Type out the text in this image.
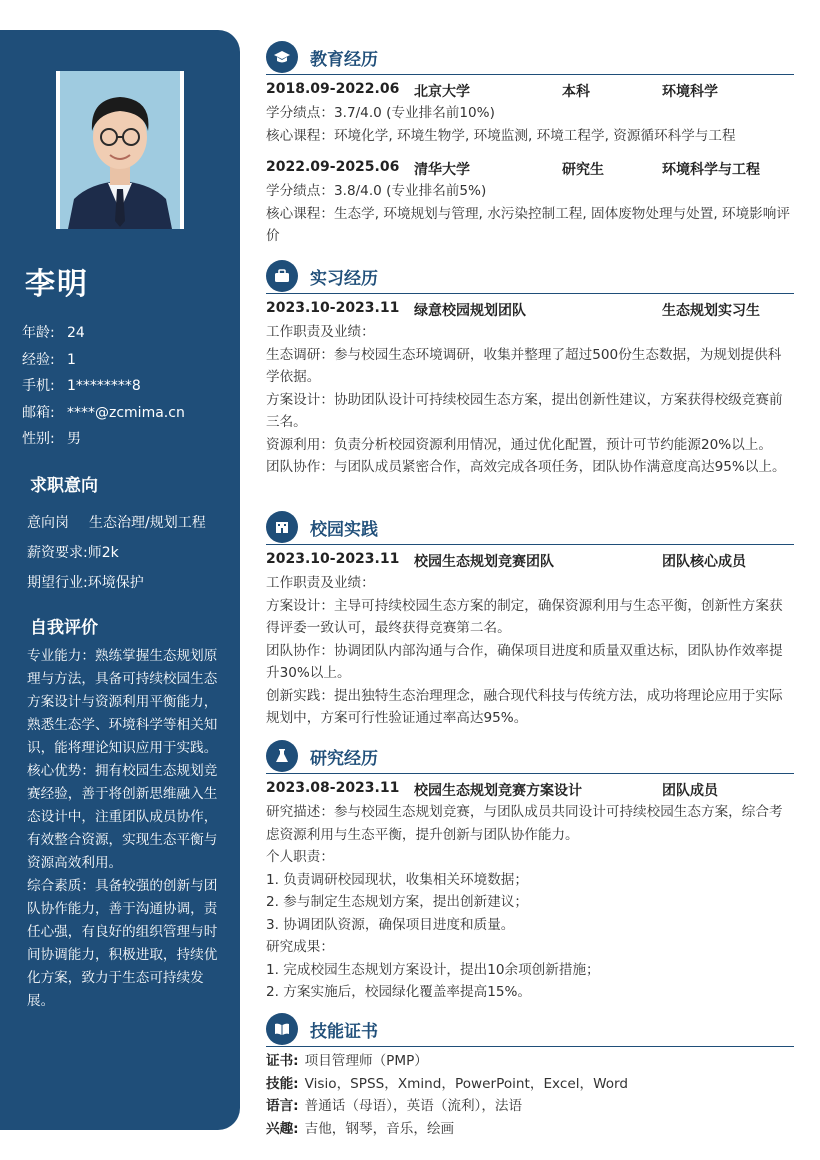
李明
年龄: 24
经验: 1
手机: 1********8
邮箱: ****@zcmima.cn
性别: 男
求职意向
意向岗 生态治理/规划工程
薪资要求:师2k
期望行业:环境保护
自我评价
专业能力：熟练掌握生态规划原理与方法，具备可持续校园生态方案设计与资源利用平衡能力，熟悉生态学、环境科学等相关知识，能将理论知识应用于实践。
核心优势：拥有校园生态规划竞赛经验，善于将创新思维融入生态设计中，注重团队成员协作，有效整合资源，实现生态平衡与资源高效利用。
综合素质：具备较强的创新与团队协作能力，善于沟通协调，责任心强，有良好的组织管理与时间协调能力，积极进取，持续优化方案，致力于生态可持续发展。
教育经历
2018.09-2022.06 北京大学	本科	环境科学
学分绩点：3.7/4.0 (专业排名前10%)
核心课程：环境化学, 环境生物学, 环境监测, 环境工程学, 资源循环科学与工程
2022.09-2025.06 清华大学	研究生	环境科学与工程
学分绩点：3.8/4.0 (专业排名前5%)
核心课程：生态学, 环境规划与管理, 水污染控制工程, 固体废物处理与处置, 环境影响评价
实习经历
2023.10-2023.11 绿意校园规划团队	生态规划实习生
工作职责及业绩：
生态调研：参与校园生态环境调研，收集并整理了超过500份生态数据，为规划提供科学依据。
方案设计：协助团队设计可持续校园生态方案，提出创新性建议，方案获得校级竞赛前三名。
资源利用：负责分析校园资源利用情况，通过优化配置，预计可节约能源20%以上。
团队协作：与团队成员紧密合作，高效完成各项任务，团队协作满意度高达95%以上。
校园实践
2023.10-2023.11 校园生态规划竞赛团队	团队核心成员
工作职责及业绩：
方案设计：主导可持续校园生态方案的制定，确保资源利用与生态平衡，创新性方案获得评委一致认可，最终获得竞赛第二名。
团队协作：协调团队内部沟通与合作，确保项目进度和质量双重达标，团队协作效率提升30%以上。
创新实践：提出独特生态治理理念，融合现代科技与传统方法，成功将理论应用于实际规划中，方案可行性验证通过率高达95%。
研究经历
2023.08-2023.11 校园生态规划竞赛方案设计	团队成员
研究描述：参与校园生态规划竞赛，与团队成员共同设计可持续校园生态方案，综合考虑资源利用与生态平衡，提升创新与团队协作能力。
个人职责：
1. 负责调研校园现状，收集相关环境数据；
2. 参与制定生态规划方案，提出创新建议；
3. 协调团队资源，确保项目进度和质量。
研究成果：
1. 完成校园生态规划方案设计，提出10余项创新措施；
2. 方案实施后，校园绿化覆盖率提高15%。
技能证书
证书: 项目管理师（PMP）
技能: Visio，SPSS，Xmind，PowerPoint，Excel，Word
语言: 普通话（母语），英语（流利），法语
兴趣: 吉他，钢琴，音乐，绘画
